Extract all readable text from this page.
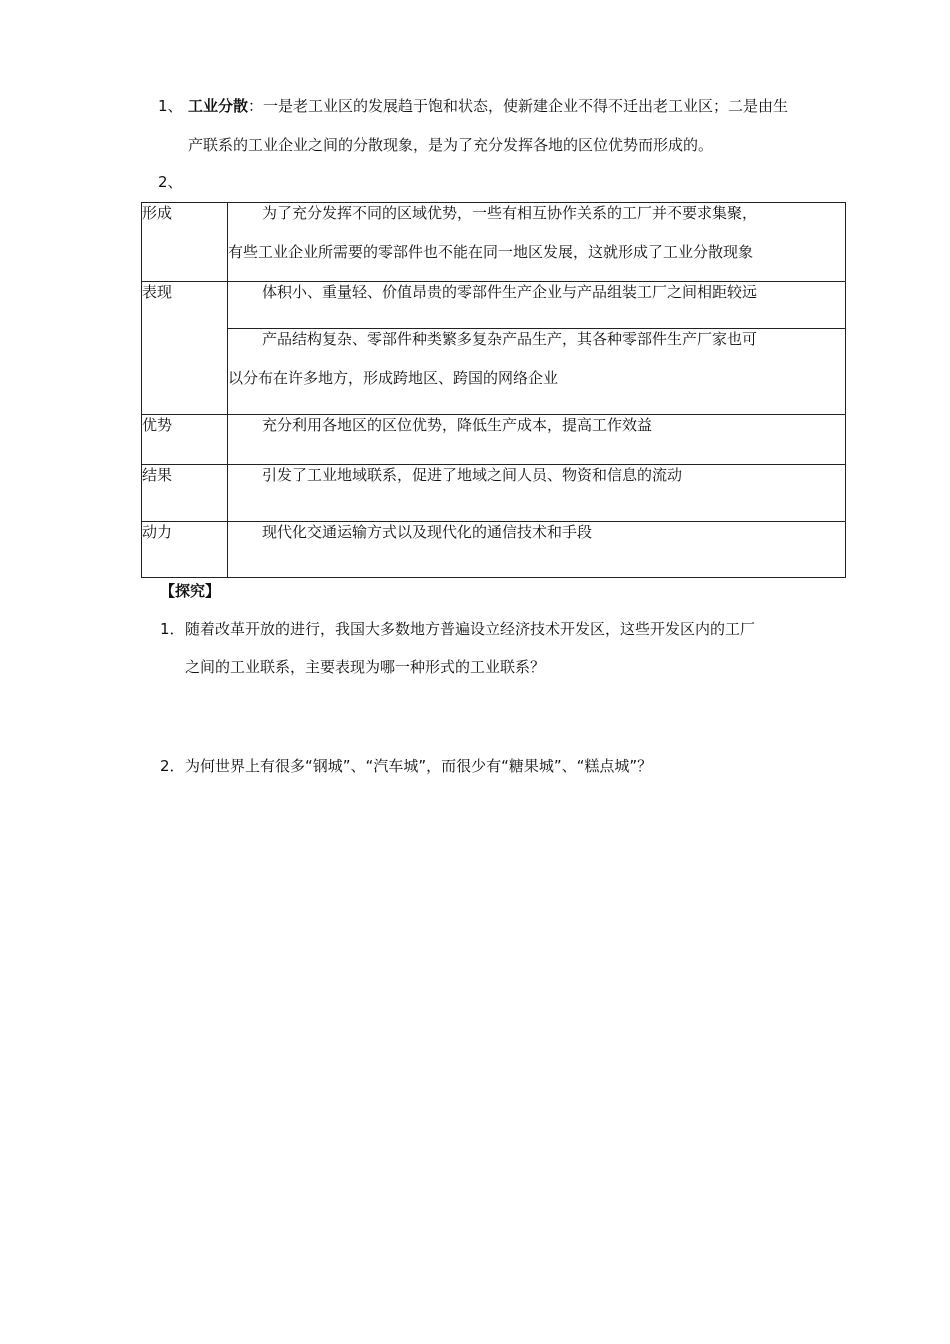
1、 工业分散：一是老工业区的发展趋于饱和状态，使新建企业不得不迁出老工业区；二是由生
产联系的工业企业之间的分散现象，是为了充分发挥各地的区位优势而形成的。
2、
形成	为了充分发挥不同的区域优势，一些有相互协作关系的工厂并不要求集聚，
有些工业企业所需要的零部件也不能在同一地区发展，这就形成了工业分散现象

表现	体积小、重量轻、价值昂贵的零部件生产企业与产品组装工厂之间相距较远

	产品结构复杂、零部件种类繁多复杂产品生产，其各种零部件生产厂家也可
以分布在许多地方，形成跨地区、跨国的网络企业

优势	充分利用各地区的区位优势，降低生产成本，提高工作效益

结果	引发了工业地域联系，促进了地域之间人员、物资和信息的流动

动力	现代化交通运输方式以及现代化的通信技术和手段
【探究】
1． 随着改革开放的进行，我国大多数地方普遍设立经济技术开发区，这些开发区内的工厂
之间的工业联系，主要表现为哪一种形式的工业联系？
2． 为何世界上有很多“钢城”、“汽车城”，而很少有“糖果城”、“糕点城”？
